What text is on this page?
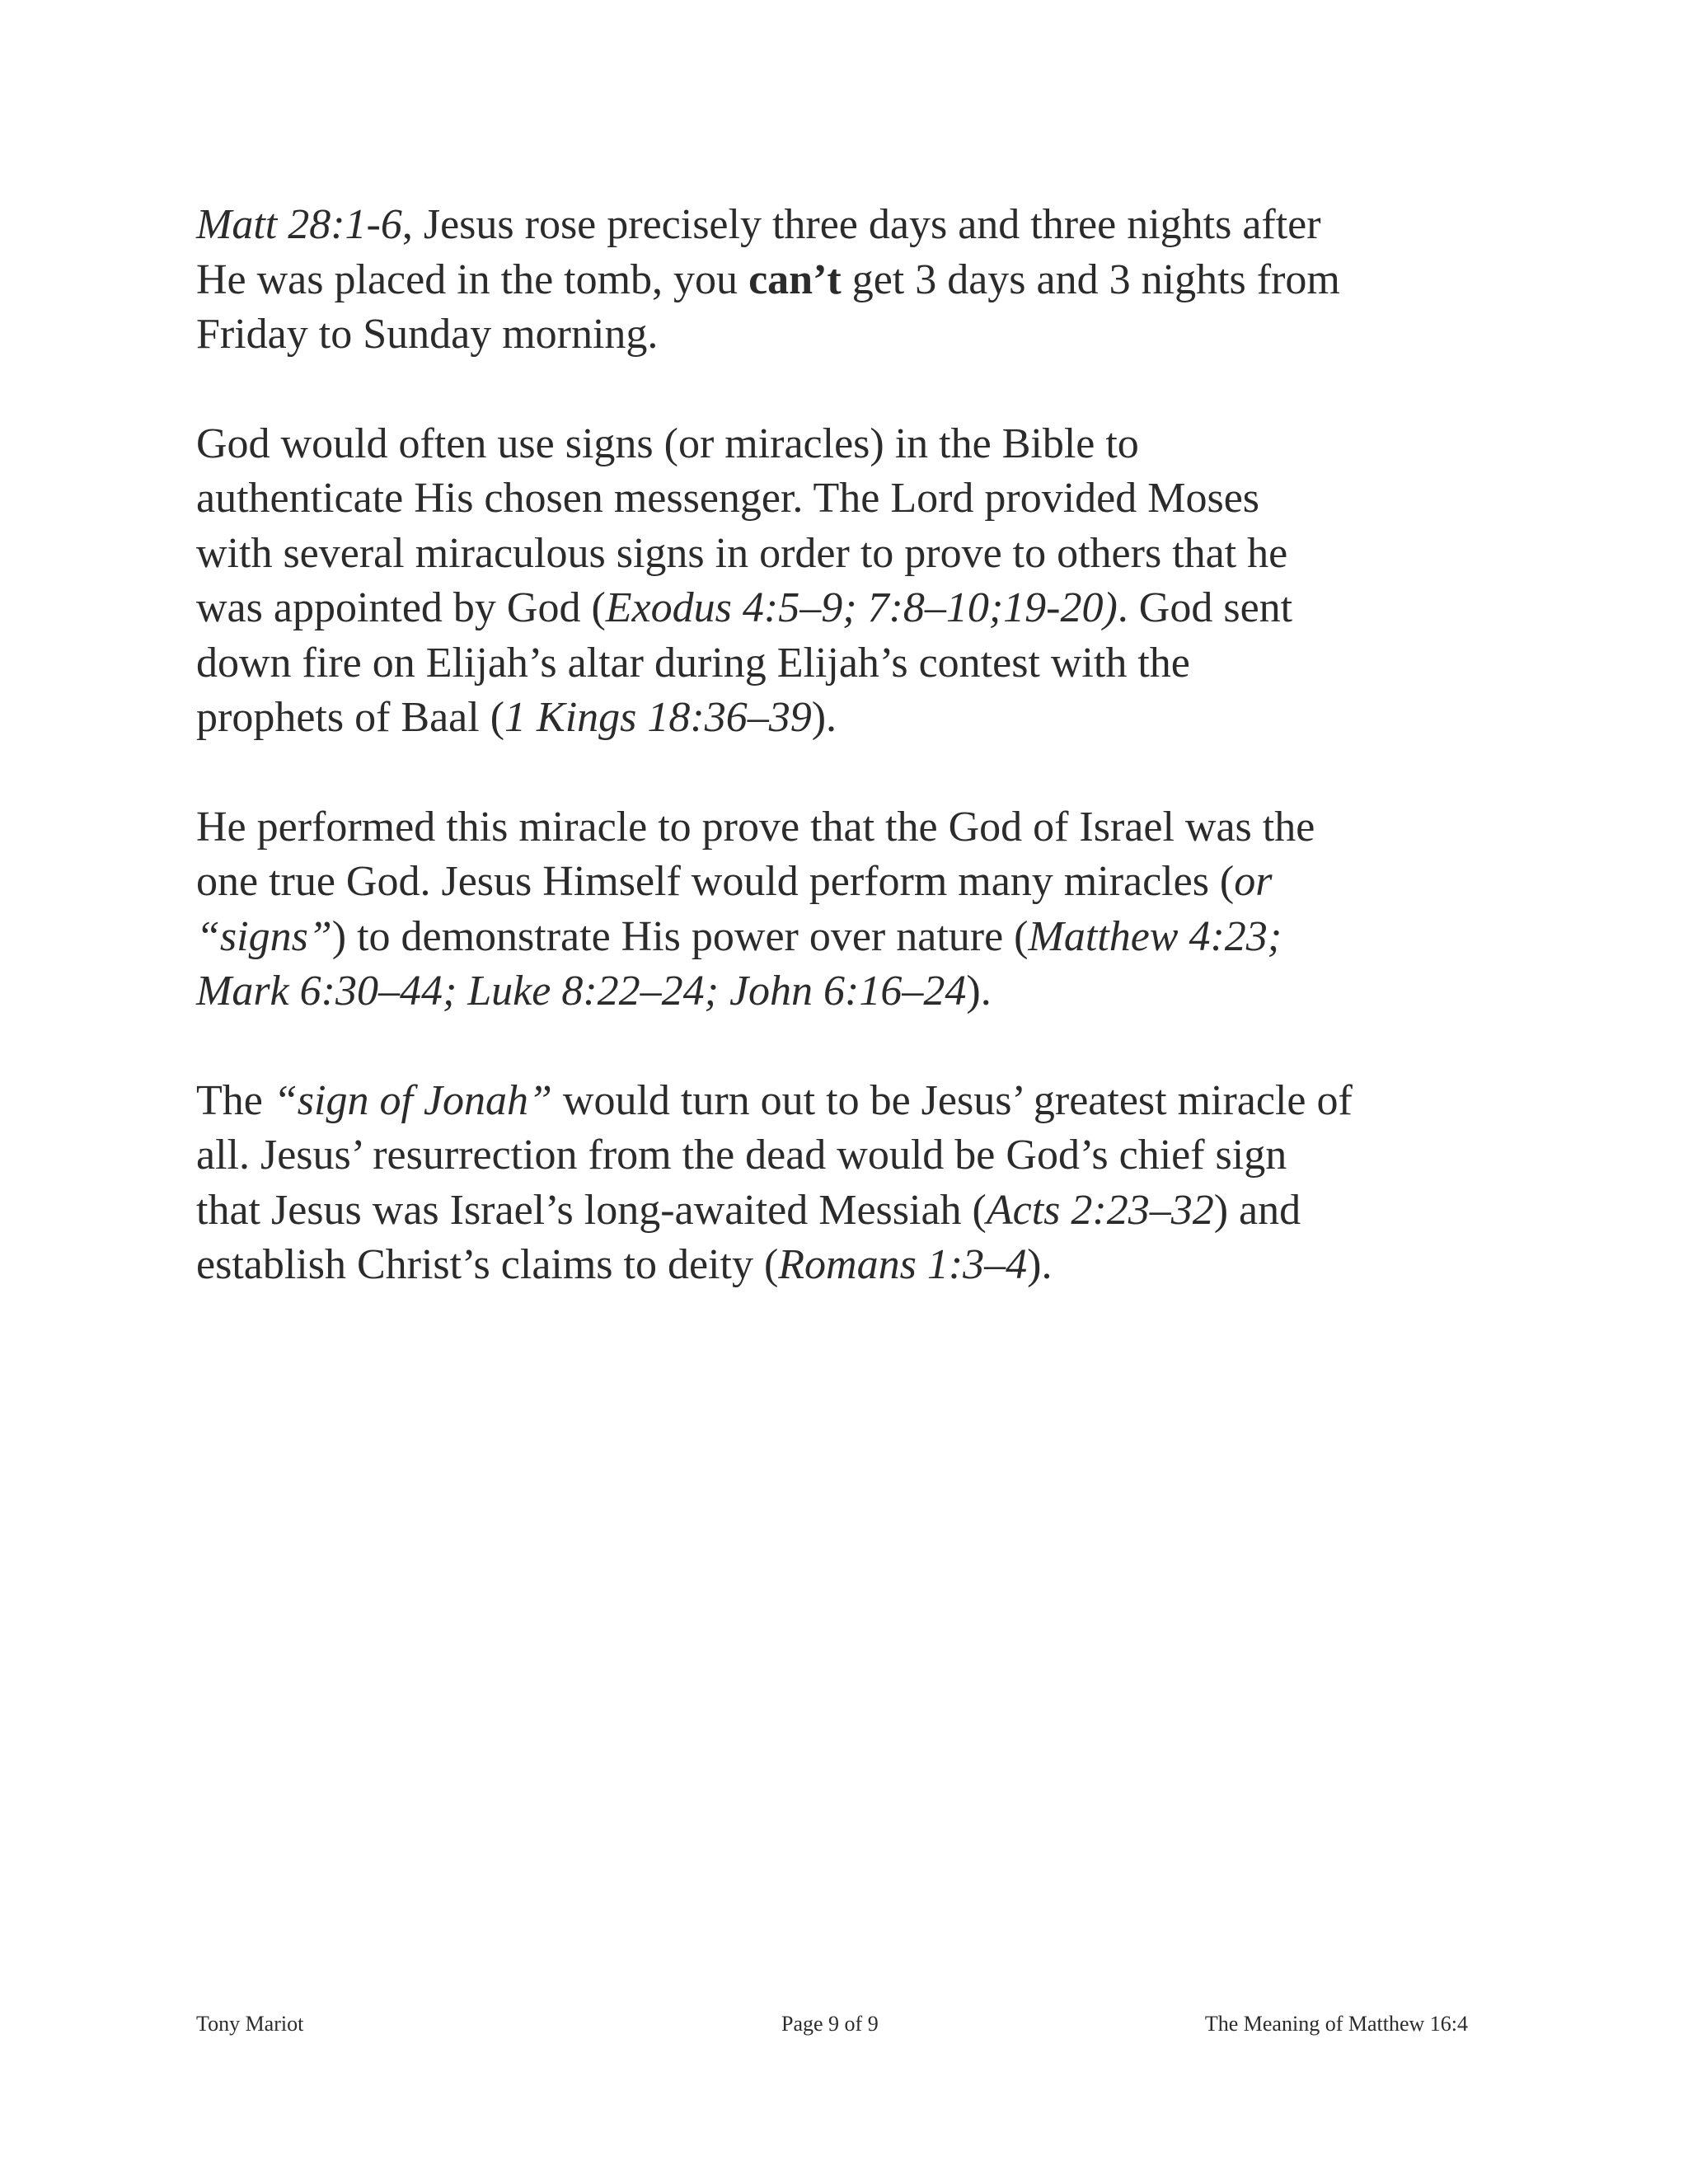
Matt 28:1-6, Jesus rose precisely three days and three nights after
He was placed in the tomb, you can’t get 3 days and 3 nights from
Friday to Sunday morning.

God would often use signs (or miracles) in the Bible to
authenticate His chosen messenger. The Lord provided Moses
with several miraculous signs in order to prove to others that he
was appointed by God (Exodus 4:5–9; 7:8–10;19-20). God sent
down fire on Elijah’s altar during Elijah’s contest with the
prophets of Baal (1 Kings 18:36–39).

He performed this miracle to prove that the God of Israel was the
one true God. Jesus Himself would perform many miracles (or
“signs”) to demonstrate His power over nature (Matthew 4:23;
Mark 6:30–44; Luke 8:22–24; John 6:16–24).

The “sign of Jonah” would turn out to be Jesus’ greatest miracle of
all. Jesus’ resurrection from the dead would be God’s chief sign
that Jesus was Israel’s long-awaited Messiah (Acts 2:23–32) and
establish Christ’s claims to deity (Romans 1:3–4).

Tony Mariot	Page 9 of 9	The Meaning of Matthew 16:4
